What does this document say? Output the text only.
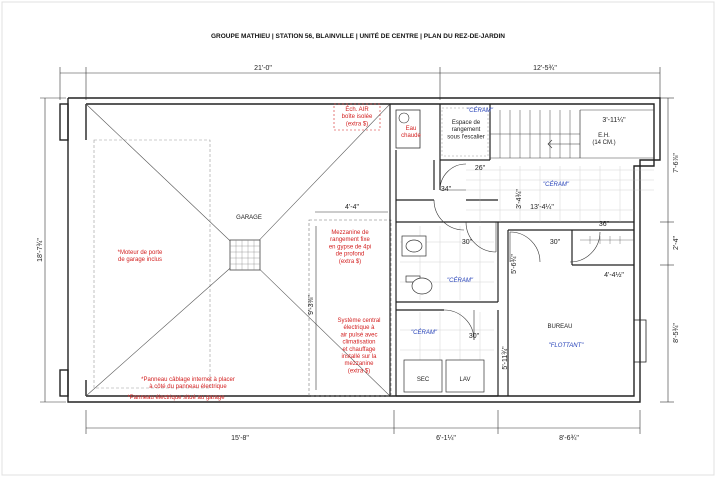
GROUPE MATHIEU | STATION 56, BLAINVILLE | UNITÉ DE CENTRE | PLAN DU REZ-DE-JARDIN
GARAGE
21'-0"	12'-5¾"
18'-7¾"
15'-8"	6'-1¼"	8'-6¾"
7'-6⅞"
2'-4"
8'-5¾"
4'-4"
9'-3⅜"
3'-11¼"
13'-4¼"
3'-4¾"
5'-6¾"
5'-11¾"
4'-4½"
26"
34"
30"	30"
30"
36"
BUREAU
SEC	LAV
E.H. (14 CM.)
"CÉRAM"
"CÉRAM"
"CÉRAM"
"CÉRAM"
"FLOTTANT"
Espace de rangement sous l'escalier
Éch. AIR boîte isolée (extra $)
Eau chaude
*Moteur de porte de garage inclus
Mezzanine de rangement fixe en gypse de 4pi de profond (extra $)
Système central électrique à air pulsé avec climatisation et chauffage installé sur la mezzanine (extra $)
*Panneau câblage internet à placer à côté du panneau électrique
*Panneau électrique situé au garage
